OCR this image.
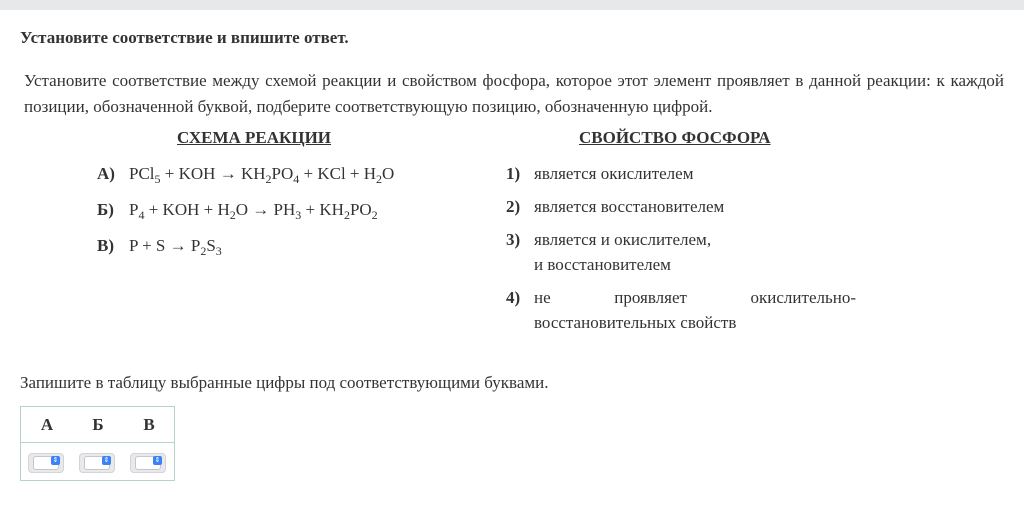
Установите соответствие и впишите ответ.
Установите соответствие между схемой реакции и свойством фосфора, которое этот элемент проявляет в данной реакции: к каждой позиции, обозначенной буквой, подберите соответствующую позицию, обозначенную цифрой.
СХЕМА РЕАКЦИИ	СВОЙСТВО ФОСФОРА
А) PCl$_5$ + KOH → $KH_2PO_4$ + KCl + $H_2O$
Б) $P_4$ + KOH + $H_2O \to PH_3 + KH_2PO_2$
В) $P + S \to P_2S_3$
1) является окислителем
2) является восстановителем
3) является и окислителем,
и восстановителем
4) не	проявляет	окислительно-
восстановительных свойств
Запишите в таблицу выбранные цифры под соответствующими буквами.
А	Б	В
⇕	⇕	⇕
